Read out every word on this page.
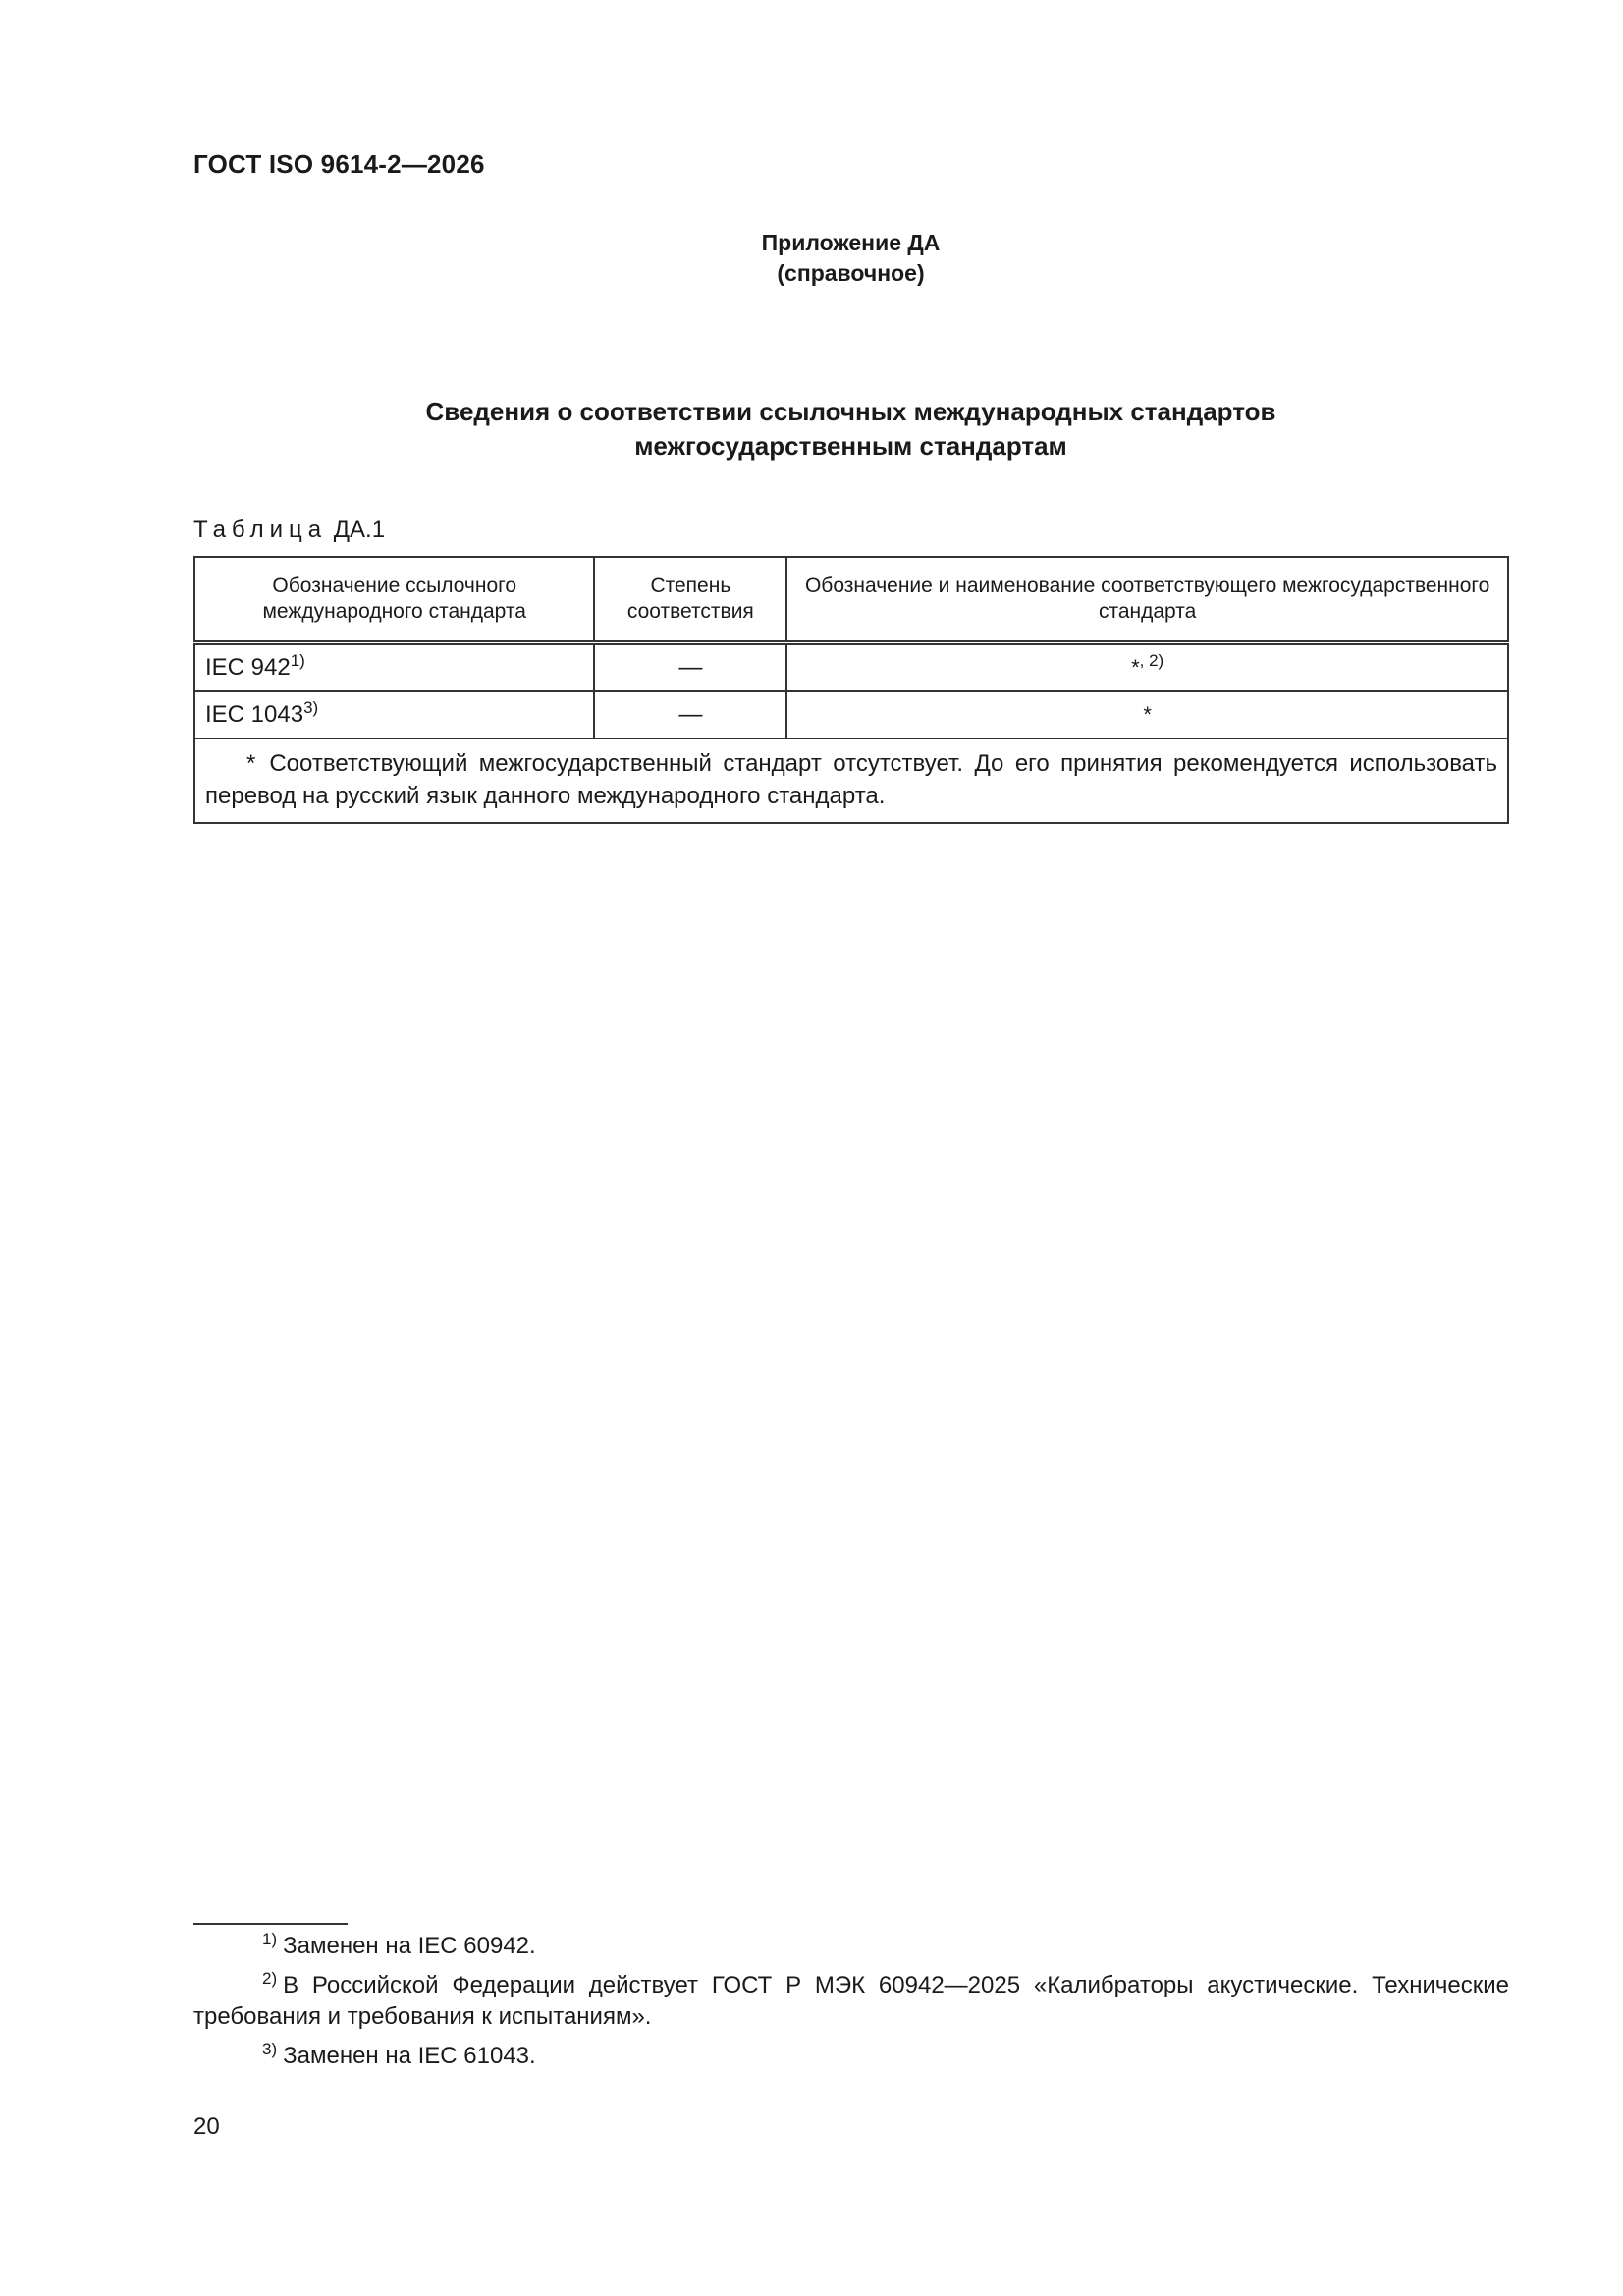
ГОСТ ISO 9614-2—2026
Приложение ДА
(справочное)
Сведения о соответствии ссылочных международных стандартов
межгосударственным стандартам
Таблица ДА.1
Обозначение ссылочного международного стандарта	Степень соответствия	Обозначение и наименование соответствующего межгосударственного стандарта
IEC 942$^{1)}$	—	*$^{, 2)}$
IEC 1043$^{3)}$	—	*
* Соответствующий межгосударственный стандарт отсутствует. До его принятия рекомендуется использовать перевод на русский язык данного международного стандарта.		

1) Заменен на IEC 60942.

2) В Российской Федерации действует ГОСТ Р МЭК 60942—2025 «Калибраторы акустические. Технические требования и требования к испытаниям».

3) Заменен на IEC 61043.

20
